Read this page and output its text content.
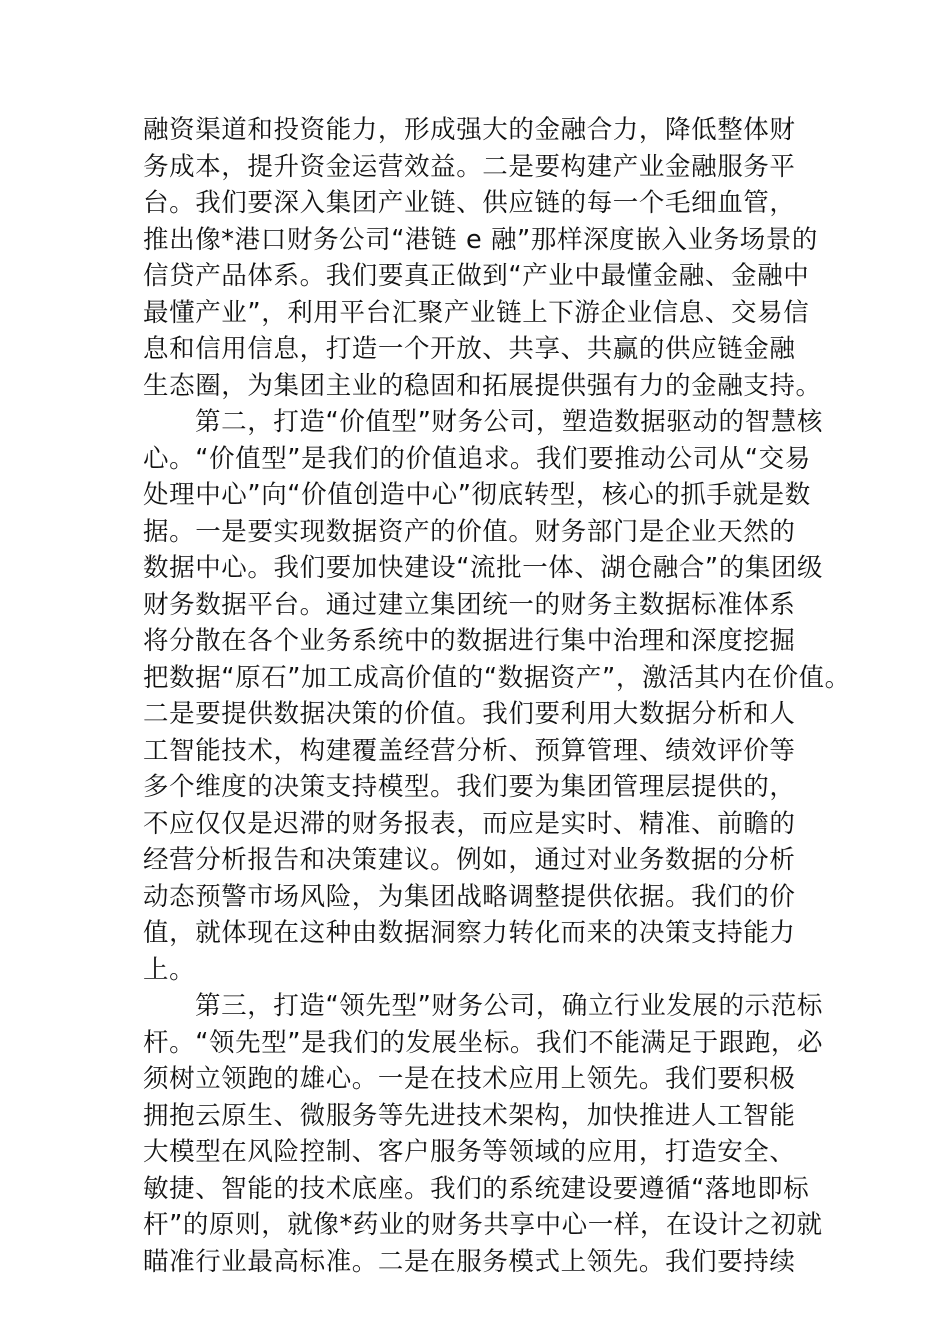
融资渠道和投资能力，形成强大的金融合力，降低整体财
务成本，提升资金运营效益。二是要构建产业金融服务平
台。我们要深入集团产业链、供应链的每一个毛细血管，
推出像*港口财务公司“港链 e 融”那样深度嵌入业务场景的
信贷产品体系。我们要真正做到“产业中最懂金融、金融中
最懂产业”，利用平台汇聚产业链上下游企业信息、交易信
息和信用信息，打造一个开放、共享、共赢的供应链金融
生态圈，为集团主业的稳固和拓展提供强有力的金融支持。
第二，打造“价值型”财务公司，塑造数据驱动的智慧核
心。“价值型”是我们的价值追求。我们要推动公司从“交易
处理中心”向“价值创造中心”彻底转型，核心的抓手就是数
据。一是要实现数据资产的价值。财务部门是企业天然的
数据中心。我们要加快建设“流批一体、湖仓融合”的集团级
财务数据平台。通过建立集团统一的财务主数据标准体系
将分散在各个业务系统中的数据进行集中治理和深度挖掘
把数据“原石”加工成高价值的“数据资产”，激活其内在价值。
二是要提供数据决策的价值。我们要利用大数据分析和人
工智能技术，构建覆盖经营分析、预算管理、绩效评价等
多个维度的决策支持模型。我们要为集团管理层提供的，
不应仅仅是迟滞的财务报表，而应是实时、精准、前瞻的
经营分析报告和决策建议。例如，通过对业务数据的分析
动态预警市场风险，为集团战略调整提供依据。我们的价
值，就体现在这种由数据洞察力转化而来的决策支持能力
上。
第三，打造“领先型”财务公司，确立行业发展的示范标
杆。“领先型”是我们的发展坐标。我们不能满足于跟跑，必
须树立领跑的雄心。一是在技术应用上领先。我们要积极
拥抱云原生、微服务等先进技术架构，加快推进人工智能
大模型在风险控制、客户服务等领域的应用，打造安全、
敏捷、智能的技术底座。我们的系统建设要遵循“落地即标
杆”的原则，就像*药业的财务共享中心一样，在设计之初就
瞄准行业最高标准。二是在服务模式上领先。我们要持续
